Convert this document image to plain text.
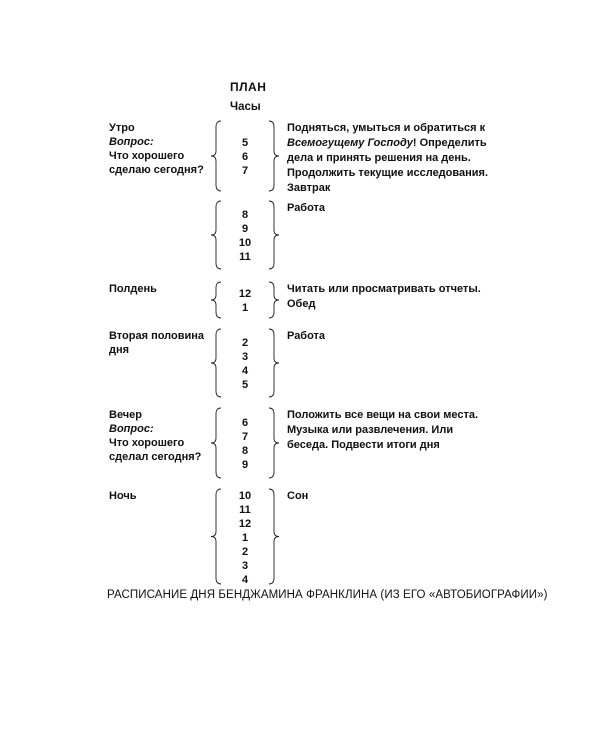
ПЛАН
Часы
Утро
Вопрос:
Что хорошего сделаю сегодня?
5
6
7
Подняться, умыться и обратиться к Всемогущему Господу! Определить дела и принять решения на день. Продолжить текущие исследования. Завтрак
8
9
10
11
Работа
Полдень	12
1
Читать или просматривать отчеты. Обед
Вторая половина дня
2
3
4
5
Работа
Вечер
Вопрос:
Что хорошего сделал сегодня?
6
7
8
9
Положить все вещи на свои места. Музыка или развлечения. Или беседа. Подвести итоги дня
Ночь	10
11
12
1
2
3
4
Сон
РАСПИСАНИЕ ДНЯ БЕНДЖАМИНА ФРАНКЛИНА (ИЗ ЕГО «АВТОБИОГРАФИИ»)
